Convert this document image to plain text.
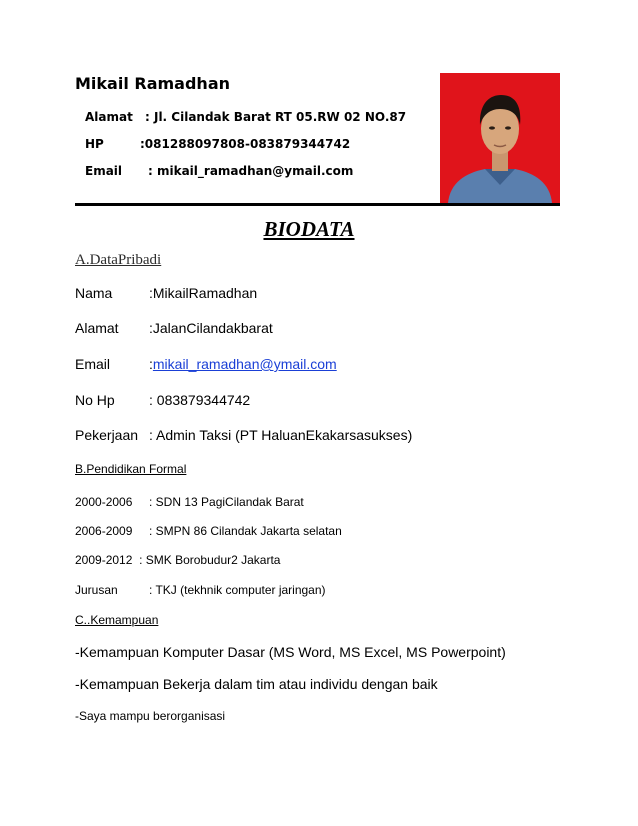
Mikail Ramadhan
Alamat : Jl. Cilandak Barat RT 05.RW 02 NO.87
HP	:081288097808-083879344742
Email : mikail_ramadhan@ymail.com
BIODATA
A.DataPribadi
Nama	:MikailRamadhan
Alamat :JalanCilandakbarat
Email	:mikail_ramadhan@ymail.com
No Hp : 083879344742
Pekerjaan : Admin Taksi (PT HaluanEkakarsasukses)
B.Pendidikan Formal
2000-2006 : SDN 13 PagiCilandak Barat
2006-2009 : SMPN 86 Cilandak Jakarta selatan
2009-2012 : SMK Borobudur2 Jakarta
Jurusan	: TKJ (tekhnik computer jaringan)
C..Kemampuan
-Kemampuan Komputer Dasar (MS Word, MS Excel, MS Powerpoint)
-Kemampuan Bekerja dalam tim atau individu dengan baik
-Saya mampu berorganisasi
